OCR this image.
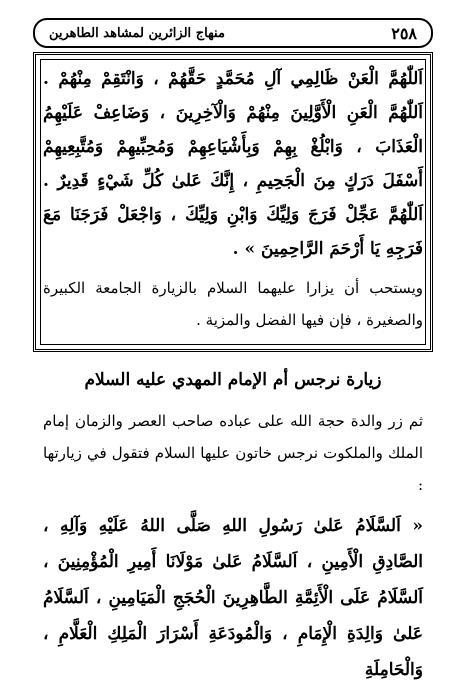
٢٥٨
منهاج الزائرين لمشاهد الطاهرين
اَللّٰهُمَّ الْعَنْ ظَالِمِي آلِ مُحَمَّدٍ حَقَّهُمْ ، وَانْتَقِمْ مِنْهُمْ . اَللّٰهُمَّ الْعَنِ الْأَوَّلِينَ مِنْهُمْ وَالْآخِرِينَ ، وَضَاعِفْ عَلَيْهِمُ الْعَذَابَ ، وَابْلُغْ بِهِمْ وَبِأَشْيَاعِهِمْ وَمُحِبِّيهِمْ وَمُتَّبِعِيهِمْ أَسْفَلَ دَرَكٍ مِنَ الْجَحِيمِ ، إِنَّكَ عَلىٰ كُلِّ شَيْءٍ قَدِيرٌ . اَللّٰهُمَّ عَجِّلْ فَرَجَ وَلِيِّكَ وَابْنِ وَلِيِّكَ ، وَاجْعَلْ فَرَجَنَا مَعَ فَرَجِهِ يَا أَرْحَمَ الرَّاحِمِينَ » .
ويستحب أن يزارا عليهما السلام بالزيارة الجامعة الكبيرة والصغيرة ، فإن فيها الفضل والمزية .
زيارة نرجس أم الإمام المهدي عليه السلام
ثم زر والدة حجة الله على عباده صاحب العصر والزمان إمام الملك والملكوت نرجس خاتون عليها السلام فتقول في زيارتها :
« اَلسَّلَامُ عَلىٰ رَسُولِ اللهِ صَلَّى اللهُ عَلَيْهِ وَآلِهِ ، الصَّادِقِ الْأَمِينِ ، اَلسَّلَامُ عَلىٰ مَوْلَانَا أَمِيرِ الْمُؤْمِنِينَ ، اَلسَّلَامُ عَلَى الْأَئِمَّةِ الطَّاهِرِينَ الْحُجَجِ الْمَيَامِينِ ، اَلسَّلَامُ عَلىٰ وَالِدَةِ الْإِمَامِ ، وَالْمُودَعَةِ أَسْرَارَ الْمَلِكِ الْعَلَّامِ ، وَالْحَامِلَةِ
